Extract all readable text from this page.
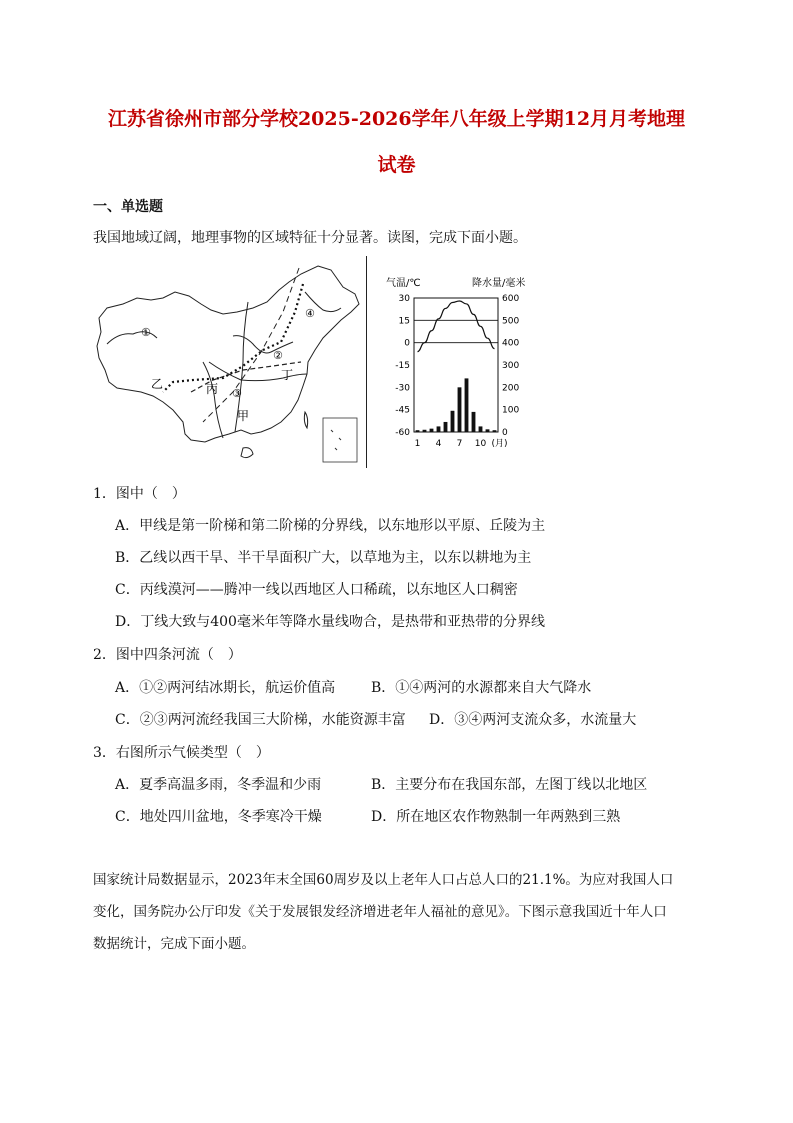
江苏省徐州市部分学校2025-2026学年八年级上学期12月月考地理
试卷
一、单选题
我国地域辽阔，地理事物的区域特征十分显著。读图，完成下面小题。
①
②
③
④
乙	丙
甲
丁
气温/℃	降水量/毫米
30
15
0
-15
-30
-45
-60
600
500
400
300
200
100
0
1 4 7 10 (月)
1．图中（　）
A．甲线是第一阶梯和第二阶梯的分界线，以东地形以平原、丘陵为主
B．乙线以西干旱、半干旱面积广大，以草地为主，以东以耕地为主
C．丙线漠河——腾冲一线以西地区人口稀疏，以东地区人口稠密
D．丁线大致与400毫米年等降水量线吻合，是热带和亚热带的分界线
2．图中四条河流（　）
A．①②两河结冰期长，航运价值高	B．①④两河的水源都来自大气降水
C．②③两河流经我国三大阶梯，水能资源丰富 D．③④两河支流众多，水流量大
3．右图所示气候类型（　）
A．夏季高温多雨，冬季温和少雨	B．主要分布在我国东部，左图丁线以北地区
C．地处四川盆地，冬季寒冷干燥	D．所在地区农作物熟制一年两熟到三熟
国家统计局数据显示，2023年末全国60周岁及以上老年人口占总人口的21.1%。为应对我国人口
变化，国务院办公厅印发《关于发展银发经济增进老年人福祉的意见》。下图示意我国近十年人口
数据统计，完成下面小题。
